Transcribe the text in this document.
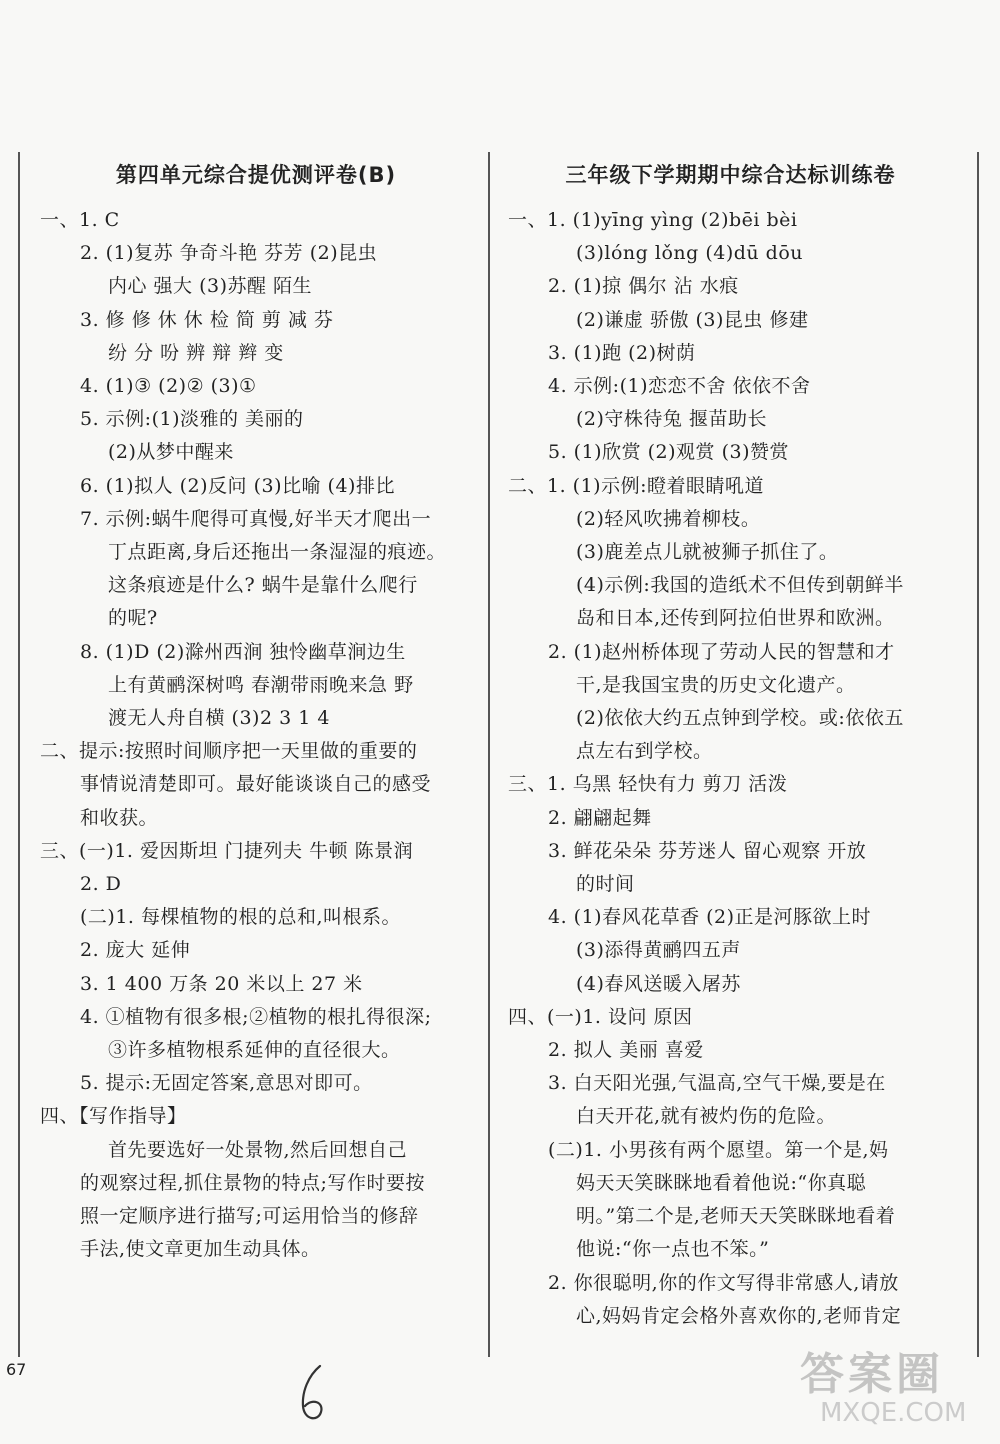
第四单元综合提优测评卷(B)
一、1. C
2. (1)复苏 争奇斗艳 芬芳 (2)昆虫
内心 强大 (3)苏醒 陌生
3. 修 修 休 休 检 简 剪 减 芬
纷 分 吩 辨 辩 辫 变
4. (1)③ (2)② (3)①
5. 示例:(1)淡雅的 美丽的
(2)从梦中醒来
6. (1)拟人 (2)反问 (3)比喻 (4)排比
7. 示例:蜗牛爬得可真慢,好半天才爬出一
丁点距离,身后还拖出一条湿湿的痕迹。
这条痕迹是什么? 蜗牛是靠什么爬行
的呢?
8. (1)D (2)滁州西涧 独怜幽草涧边生
上有黄鹂深树鸣 春潮带雨晚来急 野
渡无人舟自横 (3)2 3 1 4
二、提示:按照时间顺序把一天里做的重要的
事情说清楚即可。最好能谈谈自己的感受
和收获。
三、(一)1. 爱因斯坦 门捷列夫 牛顿 陈景润
2. D
(二)1. 每棵植物的根的总和,叫根系。
2. 庞大 延伸
3. 1 400 万条 20 米以上 27 米
4. ①植物有很多根;②植物的根扎得很深;
③许多植物根系延伸的直径很大。
5. 提示:无固定答案,意思对即可。
四、【写作指导】
首先要选好一处景物,然后回想自己
的观察过程,抓住景物的特点;写作时要按
照一定顺序进行描写;可运用恰当的修辞
手法,使文章更加生动具体。
三年级下学期期中综合达标训练卷
一、1. (1)yīng yìng (2)bēi bèi
(3)lóng lǒng (4)dū dōu
2. (1)掠 偶尔 沾 水痕
(2)谦虚 骄傲 (3)昆虫 修建
3. (1)跑 (2)树荫
4. 示例:(1)恋恋不舍 依依不舍
(2)守株待兔 揠苗助长
5. (1)欣赏 (2)观赏 (3)赞赏
二、1. (1)示例:瞪着眼睛吼道
(2)轻风吹拂着柳枝。
(3)鹿差点儿就被狮子抓住了。
(4)示例:我国的造纸术不但传到朝鲜半
岛和日本,还传到阿拉伯世界和欧洲。
2. (1)赵州桥体现了劳动人民的智慧和才
干,是我国宝贵的历史文化遗产。
(2)依依大约五点钟到学校。或:依依五
点左右到学校。
三、1. 乌黑 轻快有力 剪刀 活泼
2. 翩翩起舞
3. 鲜花朵朵 芬芳迷人 留心观察 开放
的时间
4. (1)春风花草香 (2)正是河豚欲上时
(3)添得黄鹂四五声
(4)春风送暖入屠苏
四、(一)1. 设问 原因
2. 拟人 美丽 喜爱
3. 白天阳光强,气温高,空气干燥,要是在
白天开花,就有被灼伤的危险。
(二)1. 小男孩有两个愿望。第一个是,妈
妈天天笑眯眯地看着他说:“你真聪
明。”第二个是,老师天天笑眯眯地看着
他说:“你一点也不笨。”
2. 你很聪明,你的作文写得非常感人,请放
心,妈妈肯定会格外喜欢你的,老师肯定
67	答案圈
MXQE.COM
